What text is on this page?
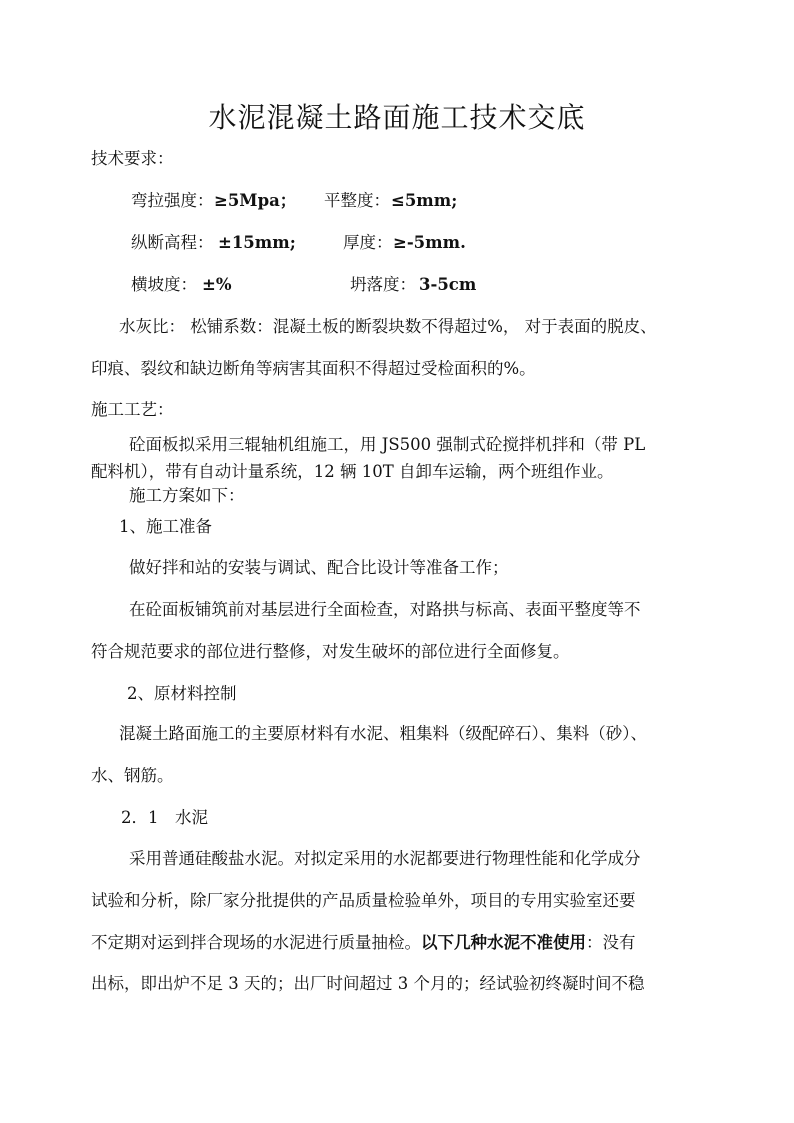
水泥混凝土路面施工技术交底
技术要求：
弯拉强度： ≥5Mpa； 平整度： ≤5mm;
纵断高程： ±15mm;	厚度： ≥-5mm.
横坡度： ±%	坍落度： 3-5cm
水灰比： 松铺系数：混凝土板的断裂块数不得超过%， 对于表面的脱皮、
印痕、裂纹和缺边断角等病害其面积不得超过受检面积的%。
施工工艺：
砼面板拟采用三辊轴机组施工，用 JS500 强制式砼搅拌机拌和（带 PL
配料机），带有自动计量系统，12 辆 10T 自卸车运输，两个班组作业。
施工方案如下：
1、施工准备
做好拌和站的安装与调试、配合比设计等准备工作；
在砼面板铺筑前对基层进行全面检查，对路拱与标高、表面平整度等不
符合规范要求的部位进行整修，对发生破坏的部位进行全面修复。
2、原材料控制
混凝土路面施工的主要原材料有水泥、粗集料（级配碎石）、集料（砂）、
水、钢筋。
2．1　水泥
采用普通硅酸盐水泥。对拟定采用的水泥都要进行物理性能和化学成分
试验和分析，除厂家分批提供的产品质量检验单外，项目的专用实验室还要
不定期对运到拌合现场的水泥进行质量抽检。以下几种水泥不准使用：没有
出标，即出炉不足 3 天的；出厂时间超过 3 个月的；经试验初终凝时间不稳
